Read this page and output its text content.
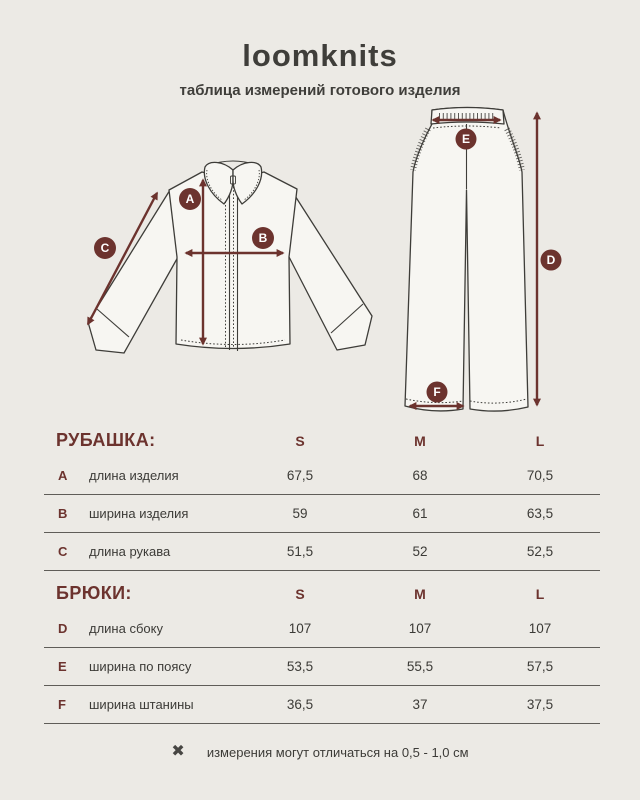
loomknits
таблица измерений готового изделия
A
B
C
E
D
F
РУБАШКА:	S	M	L
A	длина изделия	67,5	68	70,5
B	ширина изделия	59	61	63,5
C	длина рукава	51,5	52	52,5
БРЮКИ:	S	M	L
D	длина сбоку	107	107	107
E	ширина по поясу	53,5	55,5	57,5
F	ширина штанины	36,5	37	37,5
✖ измерения могут отличаться на 0,5 - 1,0 см
